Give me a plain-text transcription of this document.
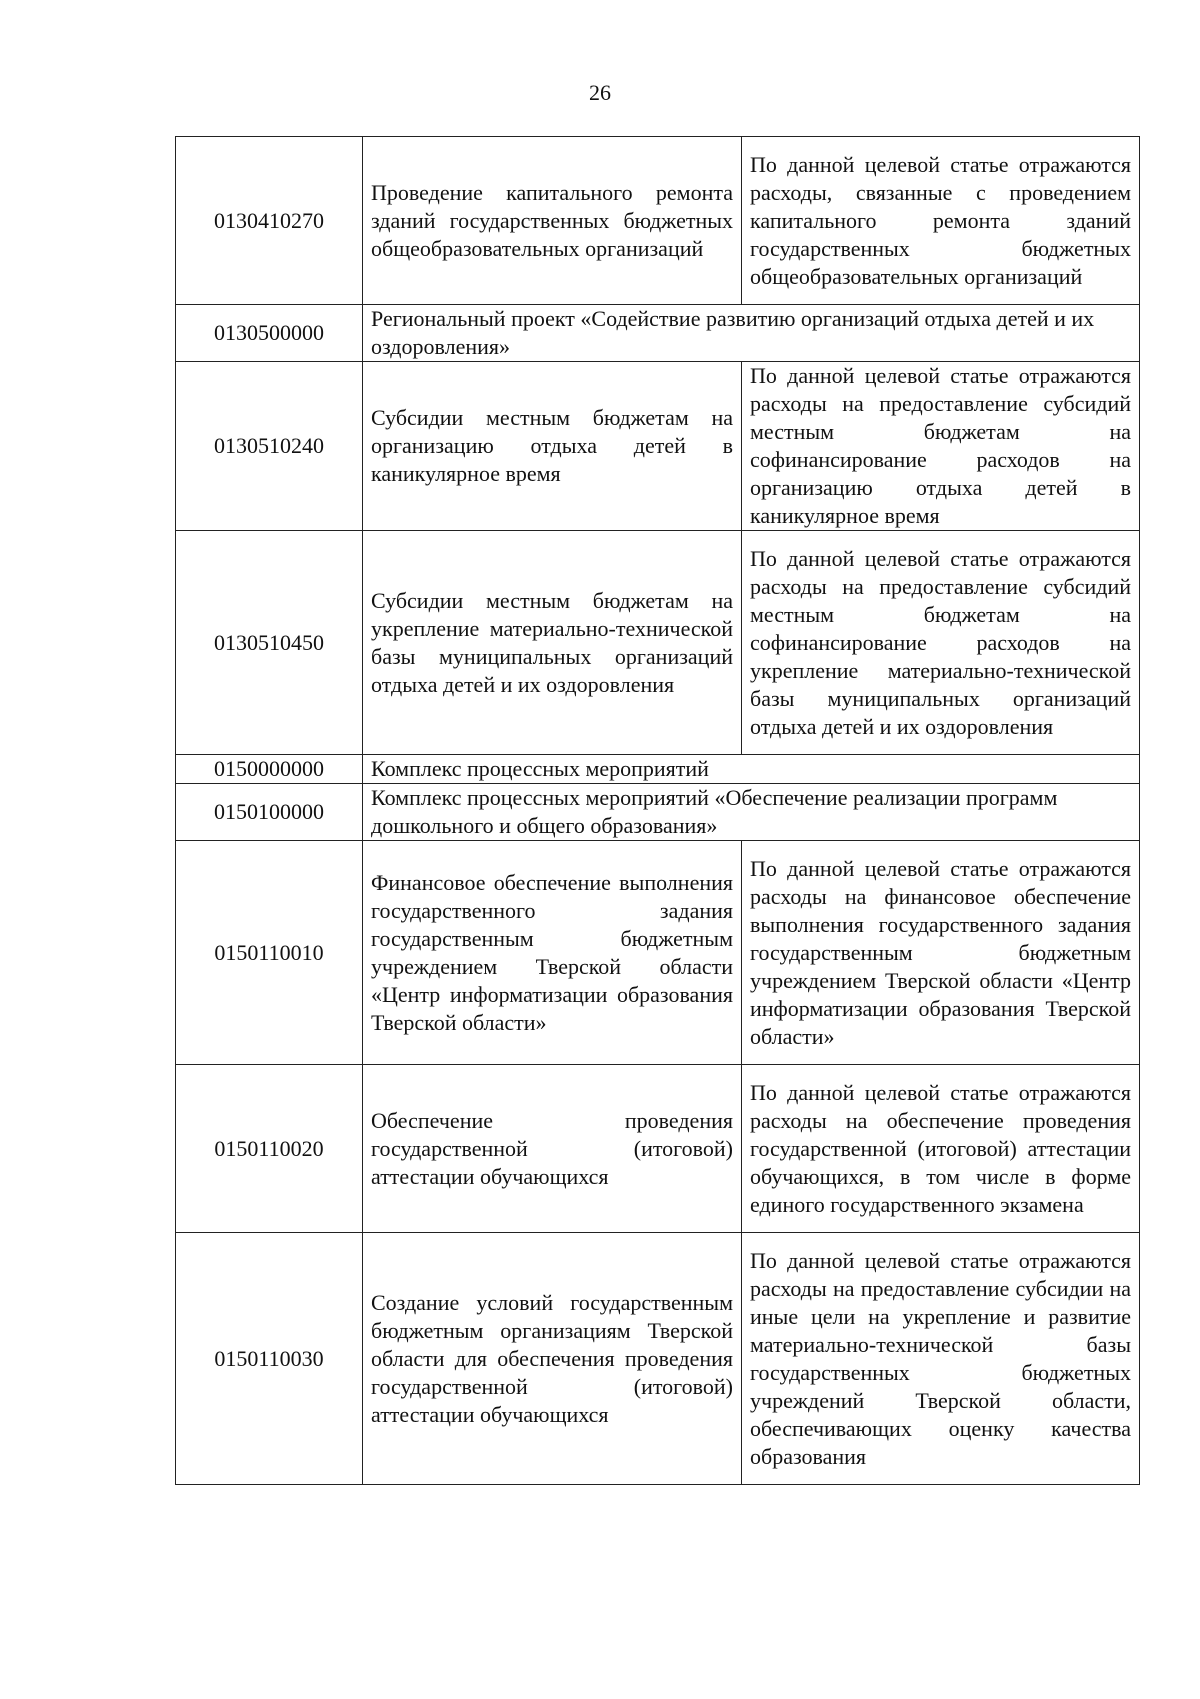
26
0130410270	Проведение капитального ремонта зданий государственных бюджетных общеобразовательных организаций	По данной целевой статье отражаются расходы, связанные с проведением капитального ремонта зданий государственных бюджетных общеобразовательных организаций
0130500000	Региональный проект «Содействие развитию организаций отдыха детей и их оздоровления»	
0130510240	Субсидии местным бюджетам на организацию отдыха детей в каникулярное время	По данной целевой статье отражаются расходы на предоставление субсидий местным бюджетам на софинансирование расходов на организацию отдыха детей в каникулярное время
0130510450	Субсидии местным бюджетам на укрепление материально-технической базы муниципальных организаций отдыха детей и их оздоровления	По данной целевой статье отражаются расходы на предоставление субсидий местным бюджетам на софинансирование расходов на укрепление материально-технической базы муниципальных организаций отдыха детей и их оздоровления
0150000000	Комплекс процессных мероприятий	
0150100000	Комплекс процессных мероприятий «Обеспечение реализации программ дошкольного и общего образования»	
0150110010	Финансовое обеспечение выполнения государственного задания государственным бюджетным учреждением Тверской области «Центр информатизации образования Тверской области»	По данной целевой статье отражаются расходы на финансовое обеспечение выполнения государственного задания государственным бюджетным учреждением Тверской области «Центр информатизации образования Тверской области»
0150110020	Обеспечение проведения государственной (итоговой) аттестации обучающихся	По данной целевой статье отражаются расходы на обеспечение проведения государственной (итоговой) аттестации обучающихся, в том числе в форме единого государственного экзамена
0150110030	Создание условий государственным бюджетным организациям Тверской области для обеспечения проведения государственной (итоговой) аттестации обучающихся	По данной целевой статье отражаются расходы на предоставление субсидии на иные цели на укрепление и развитие материально-технической базы государственных бюджетных учреждений Тверской области, обеспечивающих оценку качества образования
